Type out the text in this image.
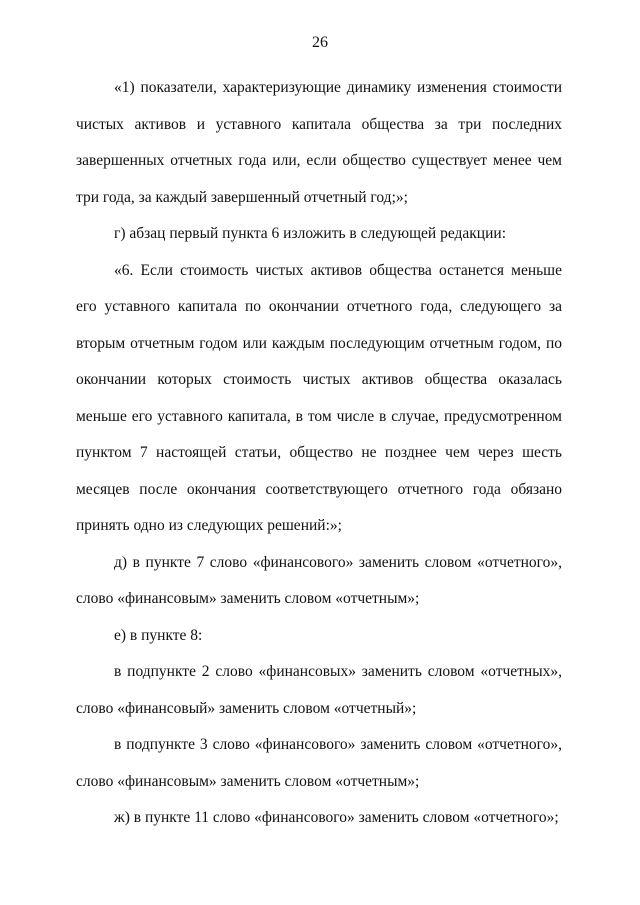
26

«1) показатели, характеризующие динамику изменения стоимости чистых активов и уставного капитала общества за три последних завершенных отчетных года или, если общество существует менее чем три года, за каждый завершенный отчетный год;»;

г) абзац первый пункта 6 изложить в следующей редакции:

«6. Если стоимость чистых активов общества останется меньше его уставного капитала по окончании отчетного года, следующего за вторым отчетным годом или каждым последующим отчетным годом, по окончании которых стоимость чистых активов общества оказалась меньше его уставного капитала, в том числе в случае, предусмотренном пунктом 7 настоящей статьи, общество не позднее чем через шесть месяцев после окончания соответствующего отчетного года обязано принять одно из следующих решений:»;

д) в пункте 7 слово «финансового» заменить словом «отчетного», слово «финансовым» заменить словом «отчетным»;

е) в пункте 8:

в подпункте 2 слово «финансовых» заменить словом «отчетных», слово «финансовый» заменить словом «отчетный»;

в подпункте 3 слово «финансового» заменить словом «отчетного», слово «финансовым» заменить словом «отчетным»;

ж) в пункте 11 слово «финансового» заменить словом «отчетного»;
